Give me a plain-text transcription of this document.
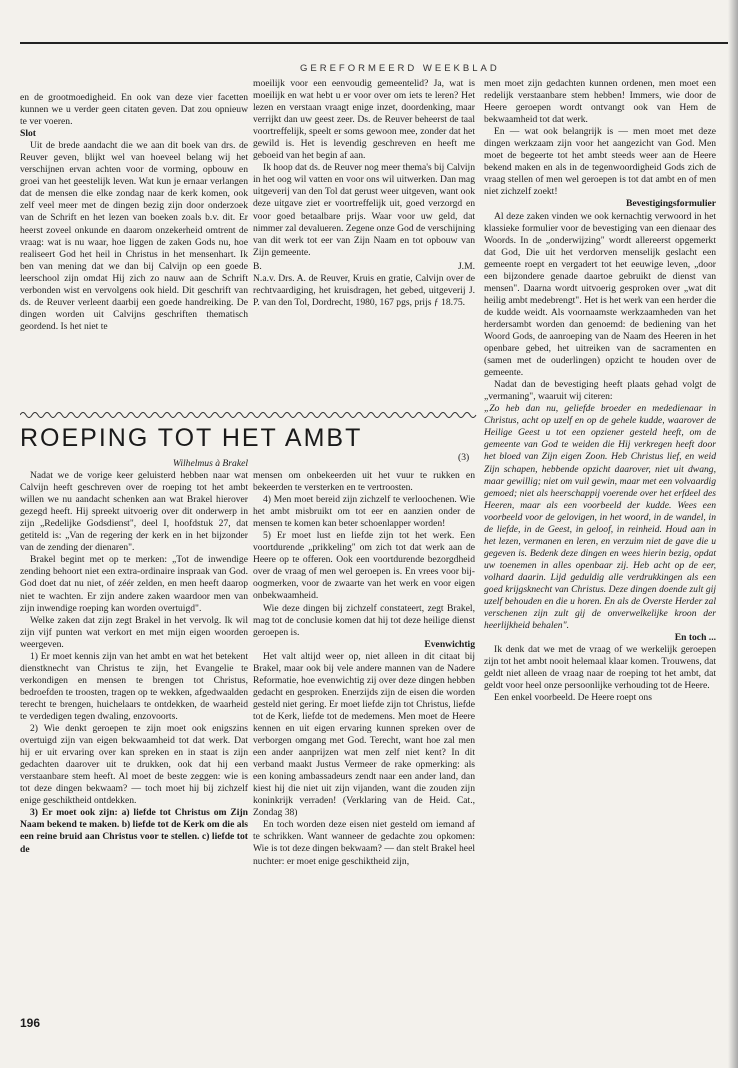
GEREFORMEERD WEEKBLAD

en de grootmoedigheid. En ook van deze vier facetten kunnen we u verder geen citaten geven. Dat zou opnieuw te ver voeren.

Slot

Uit de brede aandacht die we aan dit boek van drs. de Reuver geven, blijkt wel van hoeveel belang wij het verschijnen ervan achten voor de vorming, opbouw en groei van het geestelijk leven. Wat kun je ernaar verlangen dat de mensen die elke zondag naar de kerk komen, ook zelf veel meer met de dingen bezig zijn door onderzoek van de Schrift en het lezen van boeken zoals b.v. dit. Er heerst zoveel onkunde en daarom onzekerheid omtrent de vraag: wat is nu waar, hoe liggen de zaken Gods nu, hoe realiseert God het heil in Christus in het mensenhart. Ik ben van mening dat we dan bij Calvijn op een goede leerschool zijn omdat Hij zich zo nauw aan de Schrift verbonden wist en vervolgens ook hield. Dit geschrift van ds. de Reuver verleent daarbij een goede handreiking. De dingen worden uit Calvijns geschriften thematisch geordend. Is het niet te

moeilijk voor een eenvoudig gemeentelid? Ja, wat is moeilijk en wat hebt u er voor over om iets te leren? Het lezen en verstaan vraagt enige inzet, doordenking, maar verrijkt dan uw geest zeer. Ds. de Reuver beheerst de taal voortreffelijk, speelt er soms gewoon mee, zonder dat het gewild is. Het is levendig geschreven en heeft me geboeid van het begin af aan.

Ik hoop dat ds. de Reuver nog meer thema's bij Calvijn in het oog wil vatten en voor ons wil uitwerken. Dan mag uitgeverij van den Tol dat gerust weer uitgeven, want ook deze uitgave ziet er voortreffelijk uit, goed verzorgd en voor goed betaalbare prijs. Waar voor uw geld, dat nimmer zal devalueren. Zegene onze God de verschijning van dit werk tot eer van Zijn Naam en tot opbouw van Zijn gemeente.

B.	J.M.

N.a.v. Drs. A. de Reuver, Kruis en gratie, Calvijn over de rechtvaardiging, het kruisdragen, het gebed, uitgeverij J. P. van den Tol, Dordrecht, 1980, 167 pgs, prijs ƒ 18.75.

men moet zijn gedachten kunnen ordenen, men moet een redelijk verstaanbare stem hebben! Immers, wie door de Heere geroepen wordt ontvangt ook van Hem de bekwaamheid tot dat werk.

En — wat ook belangrijk is — men moet met deze dingen werkzaam zijn voor het aangezicht van God. Men moet de begeerte tot het ambt steeds weer aan de Heere bekend maken en als in de tegenwoordigheid Gods zich de vraag stellen of men wel geroepen is tot dat ambt en of men niet zichzelf zoekt!

Bevestigingsformulier

Al deze zaken vinden we ook kernachtig verwoord in het klassieke formulier voor de bevestiging van een dienaar des Woords. In de „onderwijzing" wordt allereerst opgemerkt dat God, Die uit het verdorven menselijk geslacht een gemeente roept en vergadert tot het eeuwige leven, „door een bijzondere genade daartoe gebruikt de dienst van mensen". Daarna wordt uitvoerig gesproken over „wat dit heilig ambt medebrengt". Het is het werk van een herder die de kudde weidt. Als voornaamste werkzaamheden van het herdersambt worden dan genoemd: de bediening van het Woord Gods, de aanroeping van de Naam des Heeren in het openbare gebed, het uitreiken van de sacramenten en (samen met de ouderlingen) opzicht te houden over de gemeente.

Nadat dan de bevestiging heeft plaats gehad volgt de „vermaning", waaruit wij citeren:

„Zo heb dan nu, geliefde broeder en mededienaar in Christus, acht op uzelf en op de gehele kudde, waarover de Heilige Geest u tot een opziener gesteld heeft, om de gemeente van God te weiden die Hij verkregen heeft door het bloed van Zijn eigen Zoon. Heb Christus lief, en weid Zijn schapen, hebbende opzicht daarover, niet uit dwang, maar gewillig; niet om vuil gewin, maar met een volvaardig gemoed; niet als heerschappij voerende over het erfdeel des Heeren, maar als een voorbeeld der kudde. Wees een voorbeeld voor de gelovigen, in het woord, in de wandel, in de liefde, in de Geest, in geloof, in reinheid. Houd aan in het lezen, vermanen en leren, en verzuim niet de gave die u gegeven is. Bedenk deze dingen en wees hierin bezig, opdat uw toenemen in alles openbaar zij. Heb acht op de eer, volhard daarin. Lijd geduldig alle verdrukkingen als een goed krijgsknecht van Christus. Deze dingen doende zult gij uzelf behouden en die u horen. En als de Overste Herder zal verschenen zijn zult gij de onverwelkelijke kroon der heerlijkheid behalen".

En toch ...

Ik denk dat we met de vraag of we werkelijk geroepen zijn tot het ambt nooit helemaal klaar komen. Trouwens, dat geldt niet alleen de vraag naar de roeping tot het ambt, dat geldt voor heel onze persoonlijke verhouding tot de Heere.

Een enkel voorbeeld. De Heere roept ons

ROEPING TOT HET AMBT
(3)

Wilhelmus à Brakel

Nadat we de vorige keer geluisterd hebben naar wat Calvijn heeft geschreven over de roeping tot het ambt willen we nu aandacht schenken aan wat Brakel hierover gezegd heeft. Hij spreekt uitvoerig over dit onderwerp in zijn „Redelijke Godsdienst", deel I, hoofdstuk 27, dat getiteld is: „Van de regering der kerk en in het bijzonder van de zending der dienaren".

Brakel begint met op te merken: „Tot de inwendige zending behoort niet een extra-ordinaire inspraak van God. God doet dat nu niet, of zéér zelden, en men heeft daarop niet te wachten. Er zijn andere zaken waardoor men van zijn inwendige roeping kan worden overtuigd".

Welke zaken dat zijn zegt Brakel in het vervolg. Ik wil zijn vijf punten wat verkort en met mijn eigen woorden weergeven.

1) Er moet kennis zijn van het ambt en wat het betekent dienstknecht van Christus te zijn, het Evangelie te verkondigen en mensen te brengen tot Christus, bedroefden te troosten, tragen op te wekken, afgedwaalden terecht te brengen, huichelaars te ontdekken, de waarheid te verdedigen tegen dwaling, enzovoorts.

2) Wie denkt geroepen te zijn moet ook enigszins overtuigd zijn van eigen bekwaamheid tot dat werk. Dat hij er uit ervaring over kan spreken en in staat is zijn gedachten daarover uit te drukken, ook dat hij een verstaanbare stem heeft. Al moet de beste zeggen: wie is tot deze dingen bekwaam? — toch moet hij bij zichzelf enige geschiktheid ontdekken.

3) Er moet ook zijn: a) liefde tot Christus om Zijn Naam bekend te maken. b) liefde tot de Kerk om die als een reine bruid aan Christus voor te stellen. c) liefde tot de

mensen om onbekeerden uit het vuur te rukken en bekeerden te versterken en te vertroosten.

4) Men moet bereid zijn zichzelf te verloochenen. Wie het ambt misbruikt om tot eer en aanzien onder de mensen te komen kan beter schoenlapper worden!

5) Er moet lust en liefde zijn tot het werk. Een voortdurende „prikkeling" om zich tot dat werk aan de Heere op te offeren. Ook een voortdurende bezorgdheid over de vraag of men wel geroepen is. En vrees voor bij-oogmerken, voor de zwaarte van het werk en voor eigen onbekwaamheid.

Wie deze dingen bij zichzelf constateert, zegt Brakel, mag tot de conclusie komen dat hij tot deze heilige dienst geroepen is.

Evenwichtig

Het valt altijd weer op, niet alleen in dit citaat bij Brakel, maar ook bij vele andere mannen van de Nadere Reformatie, hoe evenwichtig zij over deze dingen hebben gedacht en gesproken. Enerzijds zijn de eisen die worden gesteld niet gering. Er moet liefde zijn tot Christus, liefde tot de Kerk, liefde tot de medemens. Men moet de Heere kennen en uit eigen ervaring kunnen spreken over de verborgen omgang met God. Terecht, want hoe zal men een ander aanprijzen wat men zelf niet kent? In dit verband maakt Justus Vermeer de rake opmerking: als een koning ambassadeurs zendt naar een ander land, dan kiest hij die niet uit zijn vijanden, want die zouden zijn koninkrijk verraden! (Verklaring van de Heid. Cat., Zondag 38)

En toch worden deze eisen niet gesteld om iemand af te schrikken. Want wanneer de gedachte zou opkomen: Wie is tot deze dingen bekwaam? — dan stelt Brakel heel nuchter: er moet enige geschiktheid zijn,

196
